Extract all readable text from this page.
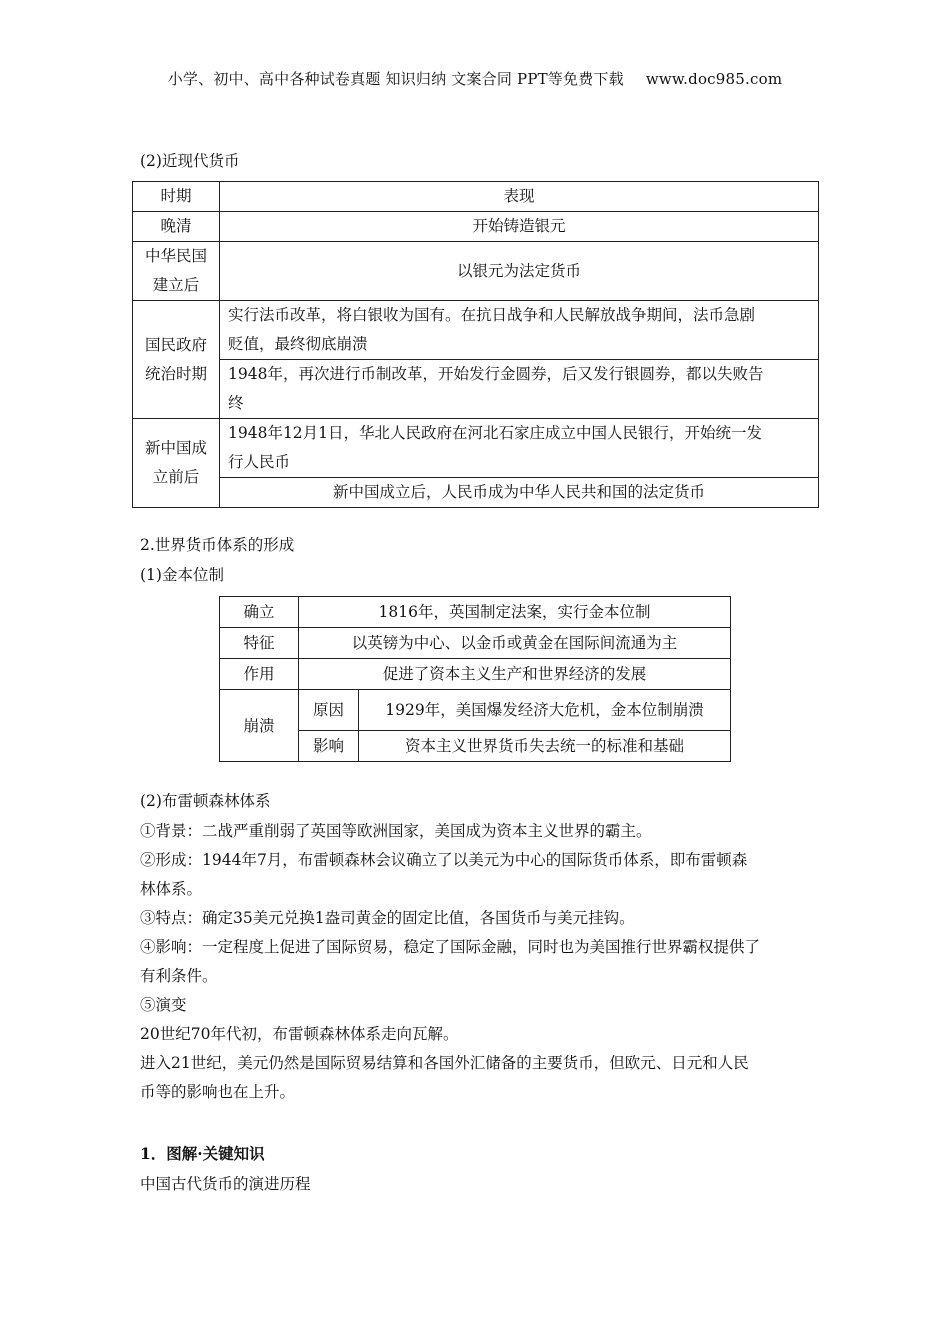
小学、初中、高中各种试卷真题 知识归纳 文案合同 PPT等免费下载 www.doc985.com
(2)近现代货币
时期	表现
晚清	开始铸造银元
中华民国
建立后	以银元为法定货币
国民政府
统治时期	实行法币改革，将白银收为国有。在抗日战争和人民解放战争期间，法币急剧
贬值，最终彻底崩溃
	1948年，再次进行币制改革，开始发行金圆券，后又发行银圆券，都以失败告
终
新中国成
立前后	1948年12月1日，华北人民政府在河北石家庄成立中国人民银行，开始统一发
行人民币
	新中国成立后，人民币成为中华人民共和国的法定货币
2.世界货币体系的形成
(1)金本位制
确立	1816年，英国制定法案，实行金本位制	
特征	以英镑为中心、以金币或黄金在国际间流通为主	
作用	促进了资本主义生产和世界经济的发展	
崩溃	原因	1929年，美国爆发经济大危机，金本位制崩溃
	影响	资本主义世界货币失去统一的标准和基础
(2)布雷顿森林体系
①背景：二战严重削弱了英国等欧洲国家，美国成为资本主义世界的霸主。
②形成：1944年7月，布雷顿森林会议确立了以美元为中心的国际货币体系，即布雷顿森
林体系。
③特点：确定35美元兑换1盎司黄金的固定比值，各国货币与美元挂钩。
④影响：一定程度上促进了国际贸易，稳定了国际金融，同时也为美国推行世界霸权提供了
有利条件。
⑤演变
20世纪70年代初，布雷顿森林体系走向瓦解。
进入21世纪，美元仍然是国际贸易结算和各国外汇储备的主要货币，但欧元、日元和人民
币等的影响也在上升。
1．图解·关键知识
中国古代货币的演进历程
